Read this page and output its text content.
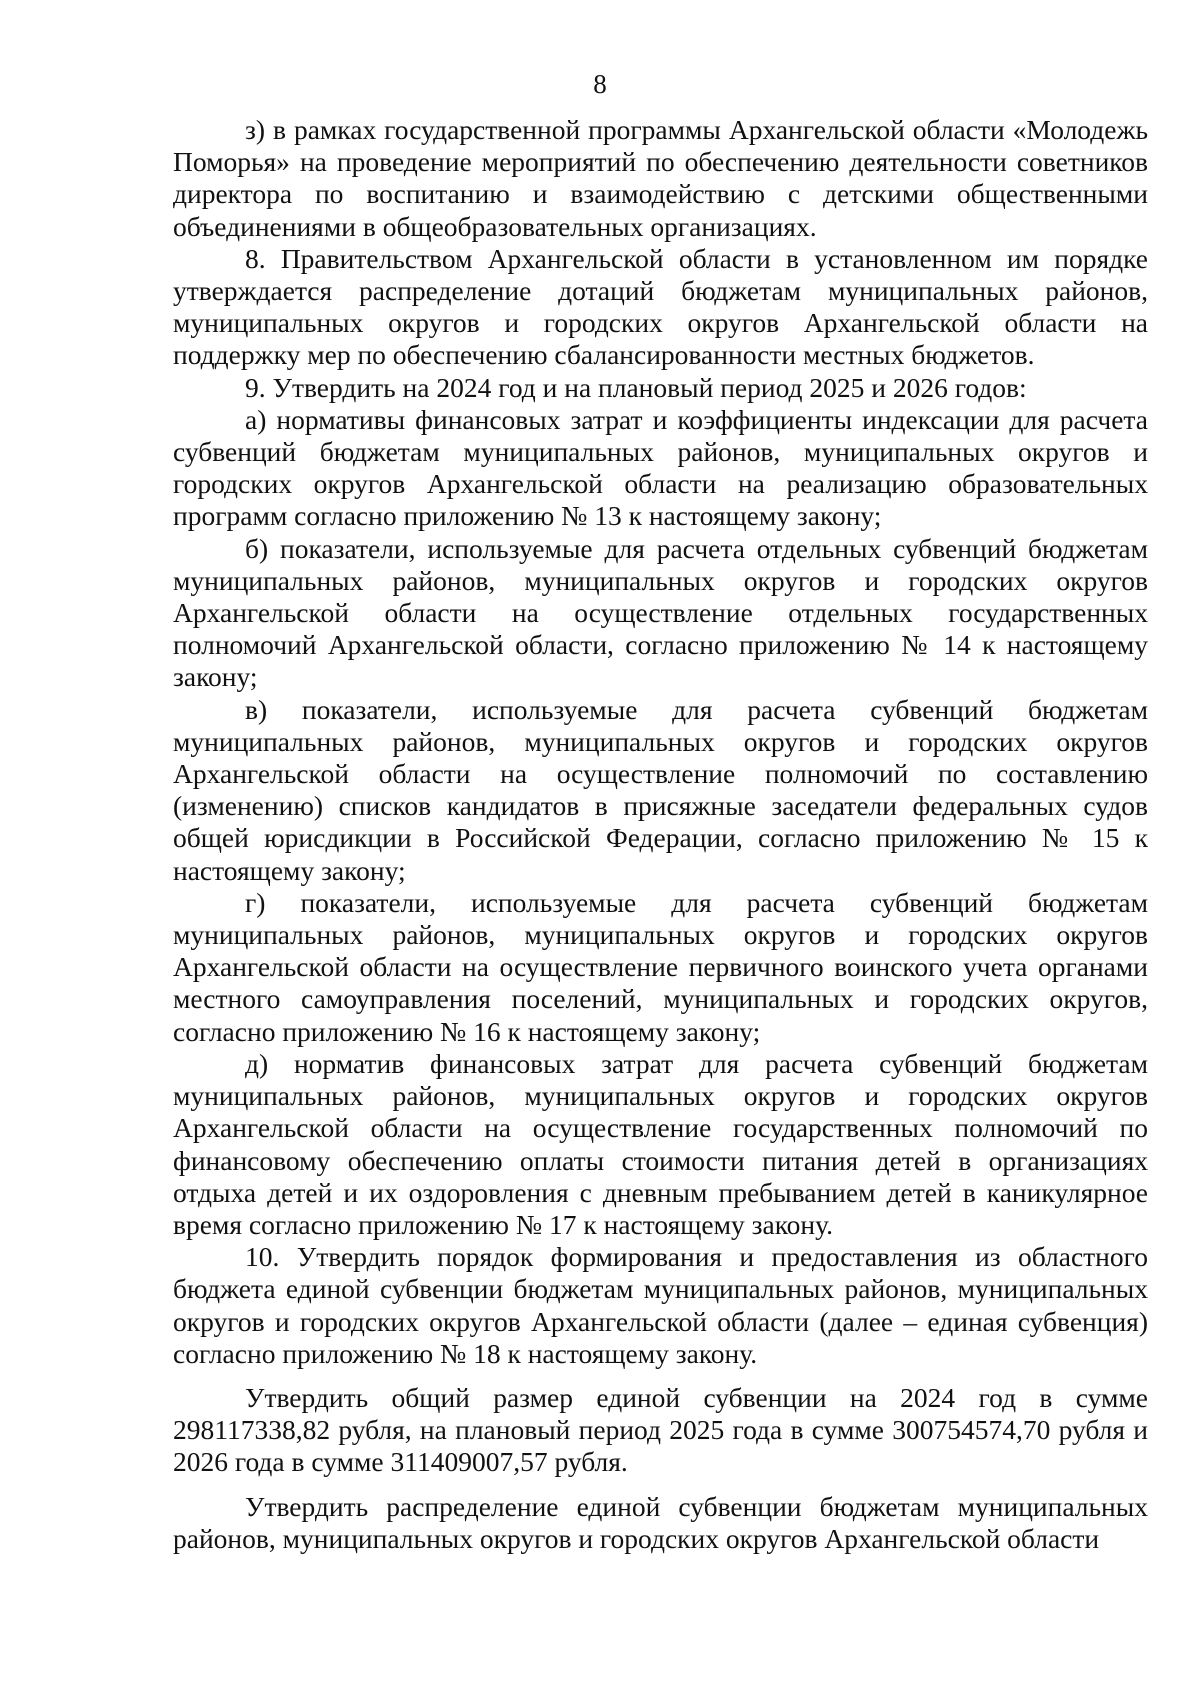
8

з) в рамках государственной программы Архангельской области «Молодежь Поморья» на проведение мероприятий по обеспечению деятельности советников директора по воспитанию и взаимодействию с детскими общественными объединениями в общеобразовательных организациях.

8. Правительством Архангельской области в установленном им порядке утверждается распределение дотаций бюджетам муниципальных районов, муниципальных округов и городских округов Архангельской области на поддержку мер по обеспечению сбалансированности местных бюджетов.

9. Утвердить на 2024 год и на плановый период 2025 и 2026 годов:

а) нормативы финансовых затрат и коэффициенты индексации для расчета субвенций бюджетам муниципальных районов, муниципальных округов и городских округов Архангельской области на реализацию образовательных программ согласно приложению № 13 к настоящему закону;

б) показатели, используемые для расчета отдельных субвенций бюджетам муниципальных районов, муниципальных округов и городских округов Архангельской области на осуществление отдельных государственных полномочий Архангельской области, согласно приложению № 14 к настоящему закону;

в) показатели, используемые для расчета субвенций бюджетам муниципальных районов, муниципальных округов и городских округов Архангельской области на осуществление полномочий по составлению (изменению) списков кандидатов в присяжные заседатели федеральных судов общей юрисдикции в Российской Федерации, согласно приложению № 15 к настоящему закону;

г) показатели, используемые для расчета субвенций бюджетам муниципальных районов, муниципальных округов и городских округов Архангельской области на осуществление первичного воинского учета органами местного самоуправления поселений, муниципальных и городских округов, согласно приложению № 16 к настоящему закону;

д) норматив финансовых затрат для расчета субвенций бюджетам муниципальных районов, муниципальных округов и городских округов Архангельской области на осуществление государственных полномочий по финансовому обеспечению оплаты стоимости питания детей в организациях отдыха детей и их оздоровления с дневным пребыванием детей в каникулярное время согласно приложению № 17 к настоящему закону.

10. Утвердить порядок формирования и предоставления из областного бюджета единой субвенции бюджетам муниципальных районов, муниципальных округов и городских округов Архангельской области (далее – единая субвенция) согласно приложению № 18 к настоящему закону.

Утвердить общий размер единой субвенции на 2024 год в сумме 298117338,82 рубля, на плановый период 2025 года в сумме 300754574,70 рубля и 2026 года в сумме 311409007,57 рубля.

Утвердить распределение единой субвенции бюджетам муниципальных районов, муниципальных округов и городских округов Архангельской области
